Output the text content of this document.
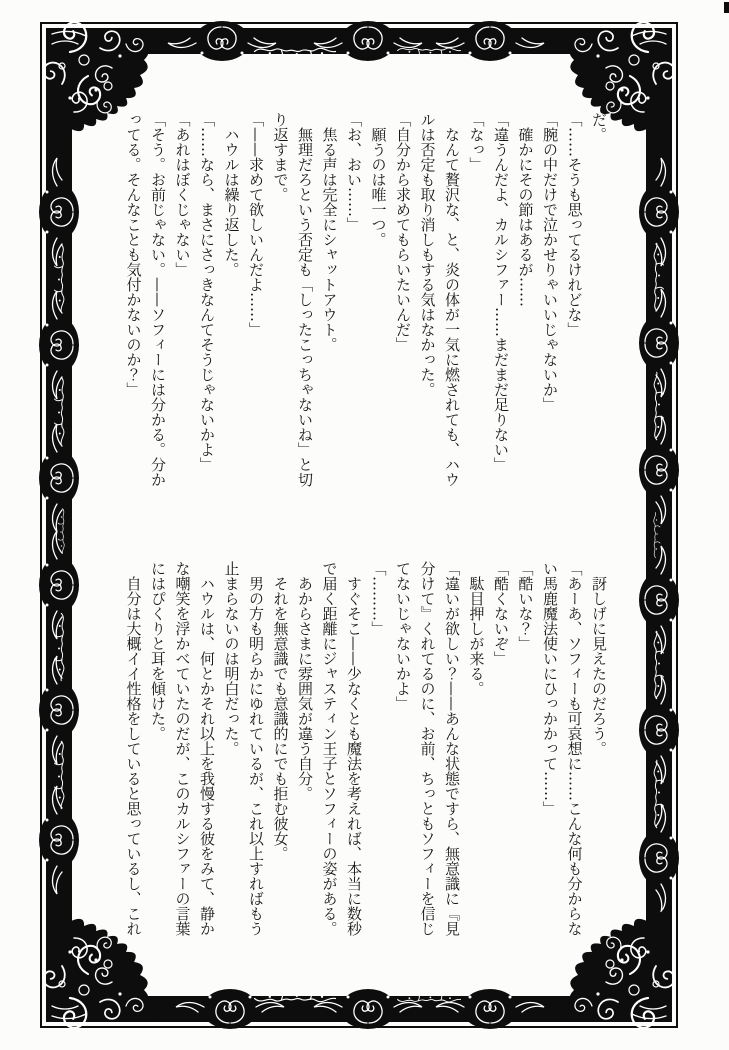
だ。

「……そうも思ってるけれどな」

「腕の中だけで泣かせりゃいいじゃないか」

　確かにその節はあるが……

「違うんだよ、カルシファー……まだまだ足りない」

「なっ」

　なんて贅沢な、と、炎の体が一気に燃されても、ハウルは否定も取り消しもする気はなかった。

「自分から求めてもらいたいんだ」

　願うのは唯一つ。

「お、おい……」

　焦る声は完全にシャットアウト。

　無理だろという否定も「しったこっちゃないね」と切り返すまで。

「——求めて欲しいんだよ……」

　ハウルは繰り返した。

「……なら、まさにさっきなんてそうじゃないかよ」

「あれはぼくじゃない」

「そう。お前じゃない。——ソフィーには分かる。分かってる。そんなことも気付かないのか？」

　訝しげに見えたのだろう。

「あーあ、ソフィーも可哀想に……こんな何も分からない馬鹿魔法使いにひっかかって……」

「酷いな？」

「酷くないぞ」

　駄目押しが来る。

「違いが欲しい？——あんな状態ですら、無意識に『見分けて』くれてるのに、お前、ちっともソフィーを信じてないじゃないかよ」

「………」

　すぐそこ——少なくとも魔法を考えれば、本当に数秒で届く距離にジャスティン王子とソフィーの姿がある。

　あからさまに雰囲気が違う自分。

　それを無意識でも意識的にでも拒む彼女。

　男の方も明らかにゆれているが、これ以上すればもう止まらないのは明白だった。

　ハウルは、何とかそれ以上を我慢する彼をみて、静かな嘲笑を浮かべていたのだが、このカルシファーの言葉にはぴくりと耳を傾けた。

　自分は大概イイ性格をしていると思っているし、これ
